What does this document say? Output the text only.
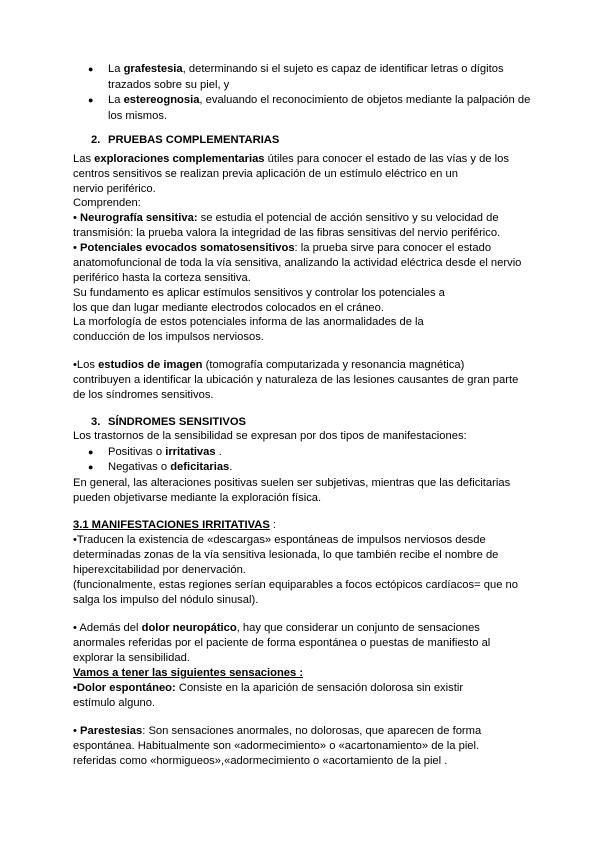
● La grafestesia, determinando si el sujeto es capaz de identificar letras o dígitos
trazados sobre su piel, y
● La estereognosia, evaluando el reconocimiento de objetos mediante la palpación de
los mismos.
2. PRUEBAS COMPLEMENTARIAS
Las exploraciones complementarias útiles para conocer el estado de las vías y de los
centros sensitivos se realizan previa aplicación de un estímulo eléctrico en un
nervio periférico.
Comprenden:
• Neurografía sensitiva: se estudia el potencial de acción sensitivo y su velocidad de
transmisión: la prueba valora la integridad de las fibras sensitivas del nervio periférico.
• Potenciales evocados somatosensitivos: la prueba sirve para conocer el estado
anatomofuncional de toda la vía sensitiva, analizando la actividad eléctrica desde el nervio
periférico hasta la corteza sensitiva.
Su fundamento es aplicar estímulos sensitivos y controlar los potenciales a
los que dan lugar mediante electrodos colocados en el cráneo.
La morfología de estos potenciales informa de las anormalidades de la
conducción de los impulsos nerviosos.
•Los estudios de imagen (tomografía computarizada y resonancia magnética)
contribuyen a identificar la ubicación y naturaleza de las lesiones causantes de gran parte
de los síndromes sensitivos.
3. SÍNDROMES SENSITIVOS
Los trastornos de la sensibilidad se expresan por dos tipos de manifestaciones:
● Positivas o irritativas .
● Negativas o deficitarias.
En general, las alteraciones positivas suelen ser subjetivas, mientras que las deficitarias
pueden objetivarse mediante la exploración física.
3.1 MANIFESTACIONES IRRITATIVAS :
•Traducen la existencia de «descargas» espontáneas de impulsos nerviosos desde
determinadas zonas de la vía sensitiva lesionada, lo que también recibe el nombre de
hiperexcitabilidad por denervación.
(funcionalmente, estas regiones serían equiparables a focos ectópicos cardíacos= que no
salga los impulso del nódulo sinusal).
• Además del dolor neuropático, hay que considerar un conjunto de sensaciones
anormales referidas por el paciente de forma espontánea o puestas de manifiesto al
explorar la sensibilidad.
Vamos a tener las siguientes sensaciones :
•Dolor espontáneo: Consiste en la aparición de sensación dolorosa sin existir
estímulo alguno.
• Parestesias: Son sensaciones anormales, no dolorosas, que aparecen de forma
espontánea. Habitualmente son «adormecimiento» o «acartonamiento» de la piel.
referidas como «hormigueos»,«adormecimiento o «acortamiento de la piel .
